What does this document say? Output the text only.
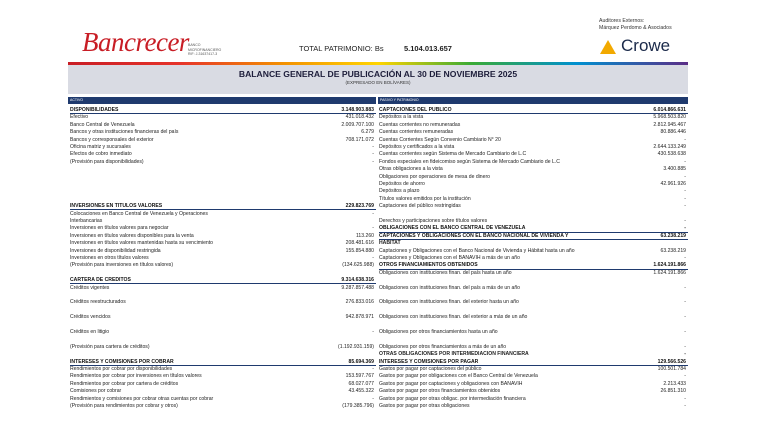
Bancrecer BANCO MICROFINANCIERO RIF: J-31637417-3
TOTAL PATRIMONIO: Bs	5.104.013.657
Auditores Externos:
Márquez Perdomo & Asociados
Crowe
BALANCE GENERAL DE PUBLICACIÓN AL 30 DE NOVIEMBRE 2025
(EXPRESADO EN BOLÍVARES)
ACTIVO	PASIVO Y PATRIMONIO
DISPONIBILIDADES	3.148.903.883
Efectivo	431.018.432
Banco Central de Venezuela	2.009.707.100
Bancos y otras instituciones financieras del país	6.279
Bancos y corresponsales del exterior	708.171.072
Oficina matriz y sucursales	-
Efectos de cobro inmediato	-
(Provisión para disponibilidades)	-
INVERSIONES EN TÍTULOS VALORES	229.823.769
Colocaciones en Banco Central de Venezuela y Operaciones	-
Interbancarias
Inversiones en títulos valores para negociar	-
Inversiones en títulos valores disponibles para la venta	113.260
Inversiones en títulos valores mantenidas hasta su vencimiento	208.481.616
Inversiones de disponibilidad restringida	155.854.880
Inversiones en otros títulos valores	-
(Provisión para inversiones en títulos valores)	(134.625.988)
CARTERA DE CRÉDITOS	9.314.638.316
Créditos vigentes	9.287.857.488
Créditos reestructurados	276.833.016
Créditos vencidos	942.878.971
Créditos en litigio	-
(Provisión para cartera de créditos)	(1.192.931.159)
INTERESES Y COMISIONES POR COBRAR	85.694.369
Rendimientos por cobrar por disponibilidades	-
Rendimientos por cobrar por inversiones en títulos valores	153.597.767
Rendimientos por cobrar por cartera de créditos	68.027.077
Comisiones por cobrar	43.455.322
Rendimientos y comisiones por cobrar otras cuentas por cobrar	-
(Provisión para rendimientos por cobrar y otros)	(179.385.796)
CAPTACIONES DEL PÚBLICO	6.014.866.631
Depósitos a la vista	5.968.503.820
Cuentas corrientes no remuneradas	2.812.945.467
Cuentas corrientes remuneradas	80.886.446
Cuentas Corrientes Según Convenio Cambiario N° 20	-
Depósitos y certificados a la vista	2.644.133.249
Cuentas corrientes según Sistema de Mercado Cambiario de L.C	430.538.638
Fondos especiales en fideicomiso según Sistema de Mercado Cambiario de L.C	-
Otras obligaciones a la vista	3.400.885
Obligaciones por operaciones de mesa de dinero	-
Depósitos de ahorro	42.961.926
Depósitos a plazo	-
Títulos valores emitidos por la institución	-
Captaciones del público restringidas	-
Derechos y participaciones sobre títulos valores	-
OBLIGACIONES CON EL BANCO CENTRAL DE VENEZUELA	-
CAPTACIONES Y OBLIGACIONES CON EL BANCO NACIONAL DE VIVIENDA Y	63.238.219
HÁBITAT
Captaciones y Obligaciones con el Banco Nacional de Vivienda y Hábitat hasta un año	63.238.219
Captaciones y Obligaciones con el BANAVIH a más de un año	-
OTROS FINANCIAMIENTOS OBTENIDOS	1.624.191.866
Obligaciones con instituciones finan. del país hasta un año	1.624.191.866
Obligaciones con instituciones finan. del país a más de un año	-
Obligaciones con instituciones finan. del exterior hasta un año	-
Obligaciones con instituciones finan. del exterior a más de un año	-
Obligaciones por otros financiamientos hasta un año	-
Obligaciones por otros financiamientos a más de un año	-
OTRAS OBLIGACIONES POR INTERMEDIACIÓN FINANCIERA	-
INTERESES Y COMISIONES POR PAGAR	129.566.526
Gastos por pagar por captaciones del público	100.501.784
Gastos por pagar por obligaciones con el Banco Central de Venezuela	-
Gastos por pagar por captaciones y obligaciones con BANAVIH	2.213.433
Gastos por pagar por otros financiamientos obtenidos	26.851.310
Gastos por pagar por otras obligac. por intermediación financiera	-
Gastos por pagar por otras obligaciones	-
